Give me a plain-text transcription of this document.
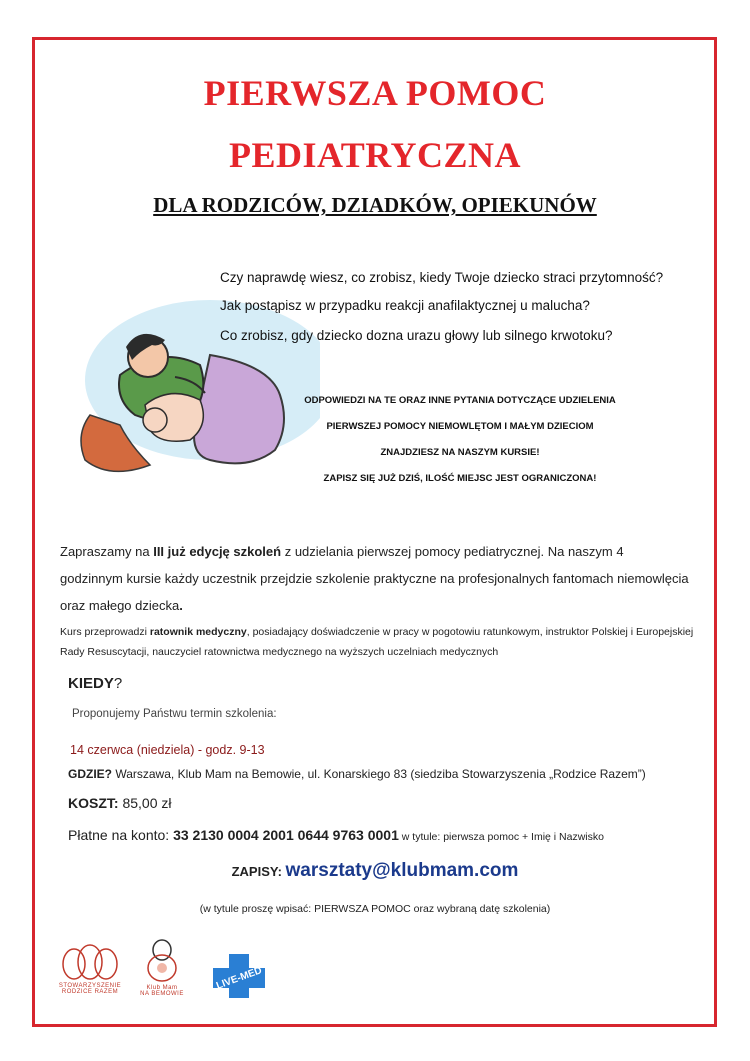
PIERWSZA POMOC
PEDIATRYCZNA
DLA RODZICÓW, DZIADKÓW, OPIEKUNÓW
Czy naprawdę wiesz, co zrobisz, kiedy Twoje dziecko straci przytomność?
Jak postąpisz w przypadku reakcji anafilaktycznej u malucha?
Co zrobisz, gdy dziecko dozna urazu głowy lub silnego krwotoku?
ODPOWIEDZI NA TE ORAZ INNE PYTANIA DOTYCZĄCE UDZIELENIA
PIERWSZEJ POMOCY NIEMOWLĘTOM I MAŁYM DZIECIOM
ZNAJDZIESZ NA NASZYM KURSIE!
ZAPISZ SIĘ JUŻ DZIŚ, ILOŚĆ MIEJSC JEST OGRANICZONA!
Zapraszamy na III już edycję szkoleń z udzielania pierwszej pomocy pediatrycznej. Na naszym 4 godzinnym kursie każdy uczestnik przejdzie szkolenie praktyczne na profesjonalnych fantomach niemowlęcia oraz małego dziecka.
Kurs przeprowadzi ratownik medyczny, posiadający doświadczenie w pracy w pogotowiu ratunkowym, instruktor Polskiej i Europejskiej Rady Resuscytacji, nauczyciel ratownictwa medycznego na wyższych uczelniach medycznych
KIEDY?
Proponujemy Państwu termin szkolenia:
14 czerwca (niedziela) - godz. 9-13
GDZIE? Warszawa, Klub Mam na Bemowie, ul. Konarskiego 83 (siedziba Stowarzyszenia „Rodzice Razem”)
KOSZT: 85,00 zł
Płatne na konto: 33 2130 0004 2001 0644 9763 0001 w tytule: pierwsza pomoc + Imię i Nazwisko
ZAPISY: warsztaty@klubmam.com
(w tytule proszę wpisać: PIERWSZA POMOC oraz wybraną datę szkolenia)
STOWARZYSZENIE
RODZICE RAZEM
Klub Mam
NA BEMOWIE
LIVE-MED
